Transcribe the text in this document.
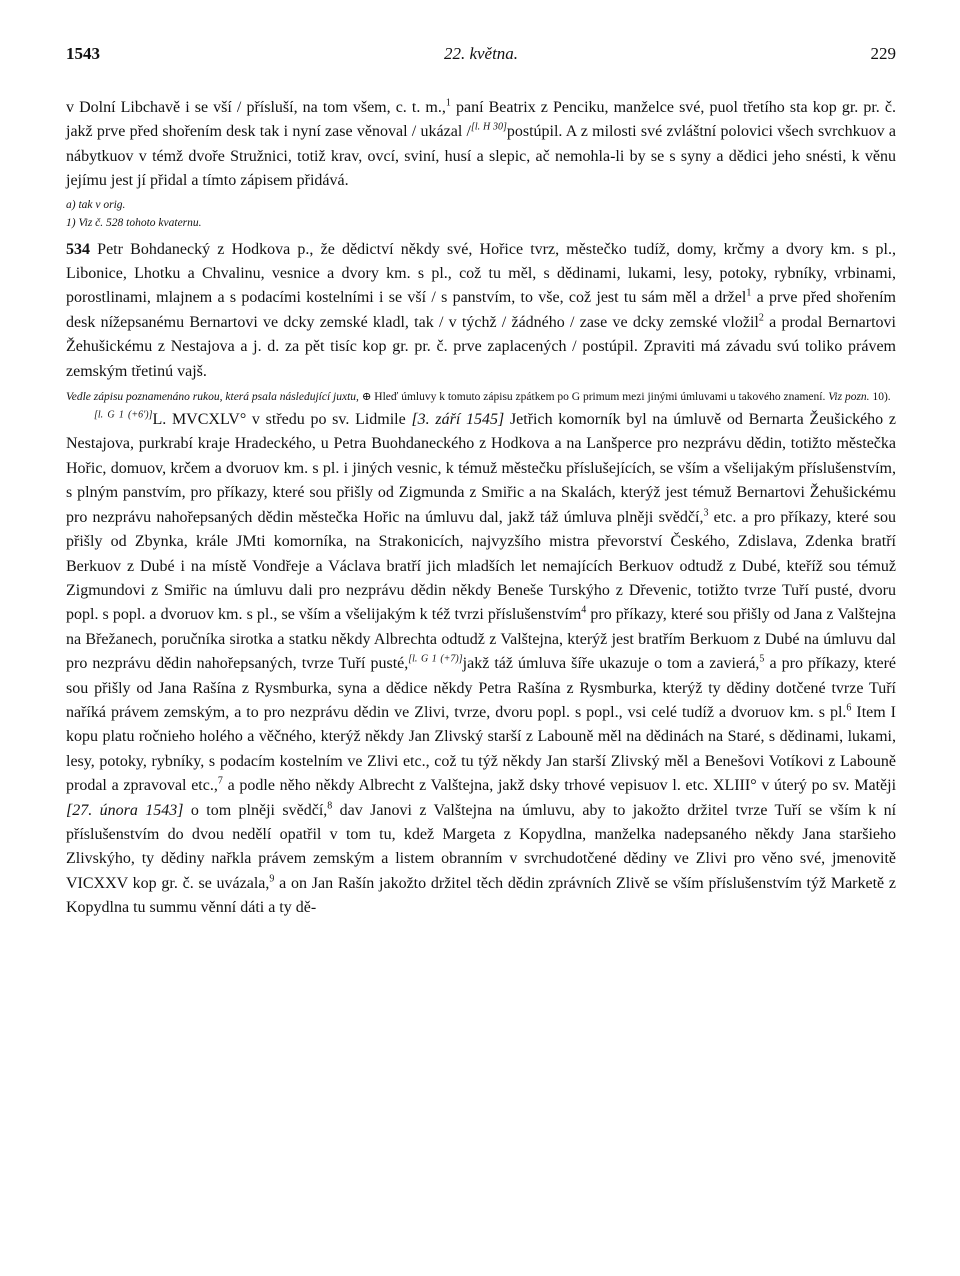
1543	22. května.	229

v Dolní Libchavě i se vší / přísluší, na tom všem, c. t. m.,$^1$ paní Beatrix z Penciku, manželce své, puol třetího sta kop gr. pr. č. jakž prve před shořením desk tak i nyní zase věnoval / ukázal /[l. H 30]postúpil. A z milosti své zvláštní polovici všech svrchkuov a nábytkuov v témž dvoře Stružnici, totiž krav, ovcí, sviní, husí a slepic, ač nemohla-li by se s syny a dědici jeho snésti, k věnu jejímu jest jí přidal a tímto zápisem přidává.

a) tak v orig.

1) Viz č. 528 tohoto kvaternu.

534 Petr Bohdanecký z Hodkova p., že dědictví někdy své, Hořice tvrz, městečko tudíž, domy, krčmy a dvory km. s pl., Libonice, Lhotku a Chvalinu, vesnice a dvory km. s pl., což tu měl, s dědinami, lukami, lesy, potoky, rybníky, vrbinami, porostlinami, mlajnem a s podacími kostelními i se vší / s panstvím, to vše, což jest tu sám měl a držel$^1$ a prve před shořením desk nížepsanému Bernartovi ve dcky zemské kladl, tak / v týchž / žádného / zase ve dcky zemské vložil$^2$ a prodal Bernartovi Žehušickému z Nestajova a j. d. za pět tisíc kop gr. pr. č. prve zaplacených / postúpil. Zpraviti má závadu svú toliko právem zemským třetinú vajš.

Vedle zápisu poznamenáno rukou, která psala následující juxtu, ⊕ Hleď úmluvy k tomuto zápisu zpátkem po G primum mezi jinými úmluvami u takového znamení. Viz pozn. 10).

[l. G 1 (+6')]L. MVCXLV° v středu po sv. Lidmile [3. září 1545] Jetřich komorník byl na úmluvě od Bernarta Žeušického z Nestajova, purkrabí kraje Hradeckého, u Petra Buohdaneckého z Hodkova a na Lanšperce pro nezprávu dědin, totižto městečka Hořic, domuov, krčem a dvoruov km. s pl. i jiných vesnic, k témuž městečku příslušejících, se vším a všelijakým příslušenstvím, s plným panstvím, pro příkazy, které sou přišly od Zigmunda z Smiřic a na Skalách, kterýž jest témuž Bernartovi Žehušickému pro nezprávu nahořepsaných dědin městečka Hořic na úmluvu dal, jakž táž úmluva plněji svědčí,$^3$ etc. a pro příkazy, které sou přišly od Zbynka, krále JMti komorníka, na Strakonicích, najvyzšího mistra převorství Českého, Zdislava, Zdenka bratří Berkuov z Dubé i na místě Vondřeje a Václava bratří jich mladších let nemajících Berkuov odtudž z Dubé, kteříž sou témuž Zigmundovi z Smiřic na úmluvu dali pro nezprávu dědin někdy Beneše Turskýho z Dřevenic, totižto tvrze Tuří pusté, dvoru popl. s popl. a dvoruov km. s pl., se vším a všelijakým k též tvrzi příslušenstvím$^4$ pro příkazy, které sou přišly od Jana z Valštejna na Břežanech, poručníka sirotka a statku někdy Albrechta odtudž z Valštejna, kterýž jest bratřím Berkuom z Dubé na úmluvu dal pro nezprávu dědin nahořepsaných, tvrze Tuří pusté,[l. G 1 (+7)]jakž táž úmluva šíře ukazuje o tom a zavierá,$^5$ a pro příkazy, které sou přišly od Jana Rašína z Rysmburka, syna a dědice někdy Petra Rašína z Rysmburka, kterýž ty dědiny dotčené tvrze Tuří naříká právem zemským, a to pro nezprávu dědin ve Zlivi, tvrze, dvoru popl. s popl., vsi celé tudíž a dvoruov km. s pl.$^6$ Item I kopu platu ročnieho holého a věčného, kterýž někdy Jan Zlivský starší z Labouně měl na dědinách na Staré, s dědinami, lukami, lesy, potoky, rybníky, s podacím kostelním ve Zlivi etc., což tu týž někdy Jan starší Zlivský měl a Benešovi Votíkovi z Labouně prodal a zpravoval etc.,$^7$ a podle něho někdy Albrecht z Valštejna, jakž dsky trhové vepisuov l. etc. XLIII° v úterý po sv. Matěji [27. února 1543] o tom plněji svědčí,$^8$ dav Janovi z Valštejna na úmluvu, aby to jakožto držitel tvrze Tuří se vším k ní příslušenstvím do dvou nedělí opatřil v tom tu, kdež Margeta z Kopydlna, manželka nadepsaného někdy Jana staršieho Zlivskýho, ty dědiny nařkla právem zemským a listem obranním v svrchudotčené dědiny ve Zlivi pro věno své, jmenovitě VICXXV kop gr. č. se uvázala,$^9$ a on Jan Rašín jakožto držitel těch dědin zprávních Zlivě se vším příslušenstvím týž Marketě z Kopydlna tu summu věnní dáti a ty dě-
